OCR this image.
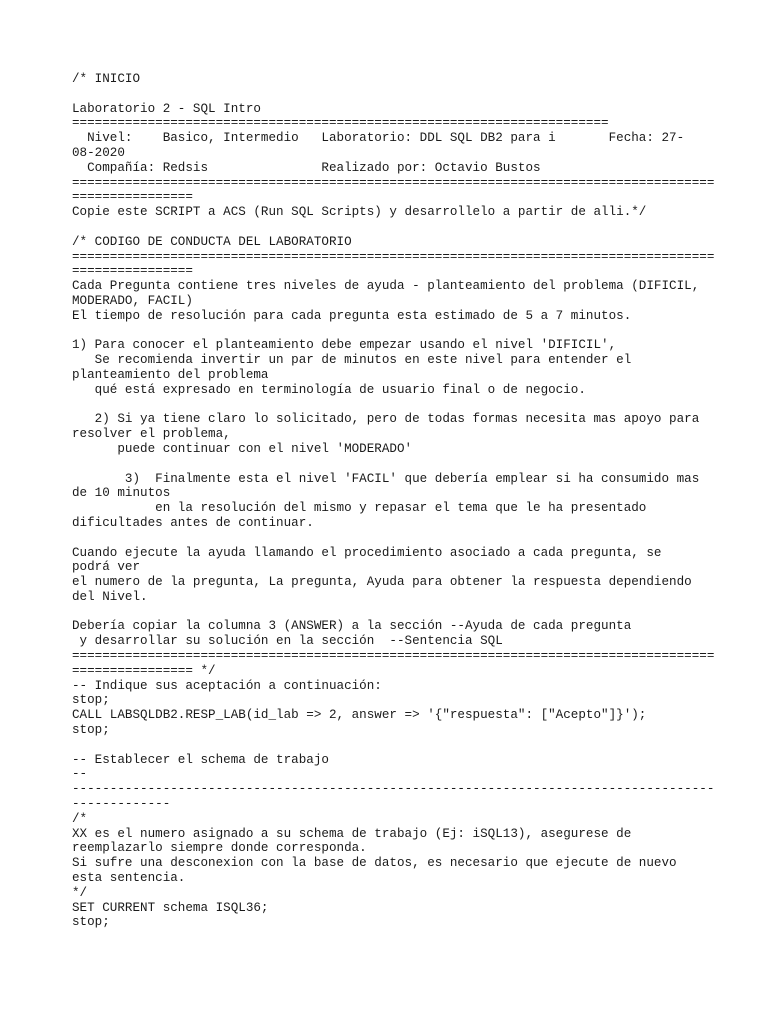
/* INICIO
Laboratorio 2 - SQL Intro
=======================================================================
Nivel:    Basico, Intermedio   Laboratorio: DDL SQL DB2 para i       Fecha: 27-
08-2020
Compañía: Redsis               Realizado por: Octavio Bustos
=====================================================================================
================
Copie este SCRIPT a ACS (Run SQL Scripts) y desarrollelo a partir de alli.*/
/* CODIGO DE CONDUCTA DEL LABORATORIO
=====================================================================================
================
Cada Pregunta contiene tres niveles de ayuda - planteamiento del problema (DIFICIL,
MODERADO, FACIL)
El tiempo de resolución para cada pregunta esta estimado de 5 a 7 minutos.
1) Para conocer el planteamiento debe empezar usando el nivel 'DIFICIL',
Se recomienda invertir un par de minutos en este nivel para entender el
planteamiento del problema
qué está expresado en terminología de usuario final o de negocio.
2) Si ya tiene claro lo solicitado, pero de todas formas necesita mas apoyo para
resolver el problema,
puede continuar con el nivel 'MODERADO'
3)  Finalmente esta el nivel 'FACIL' que debería emplear si ha consumido mas
de 10 minutos
en la resolución del mismo y repasar el tema que le ha presentado
dificultades antes de continuar.
Cuando ejecute la ayuda llamando el procedimiento asociado a cada pregunta, se
podrá ver
el numero de la pregunta, La pregunta, Ayuda para obtener la respuesta dependiendo
del Nivel.
Debería copiar la columna 3 (ANSWER) a la sección --Ayuda de cada pregunta
y desarrollar su solución en la sección  --Sentencia SQL
=====================================================================================
================ */
-- Indique sus aceptación a continuación:
stop;
CALL LABSQLDB2.RESP_LAB(id_lab => 2, answer => '{"respuesta": ["Acepto"]}');
stop;
-- Establecer el schema de trabajo
--
-------------------------------------------------------------------------------------
-------------
/*
XX es el numero asignado a su schema de trabajo (Ej: iSQL13), asegurese de
reemplazarlo siempre donde corresponda.
Si sufre una desconexion con la base de datos, es necesario que ejecute de nuevo
esta sentencia.
*/
SET CURRENT schema ISQL36;
stop;
